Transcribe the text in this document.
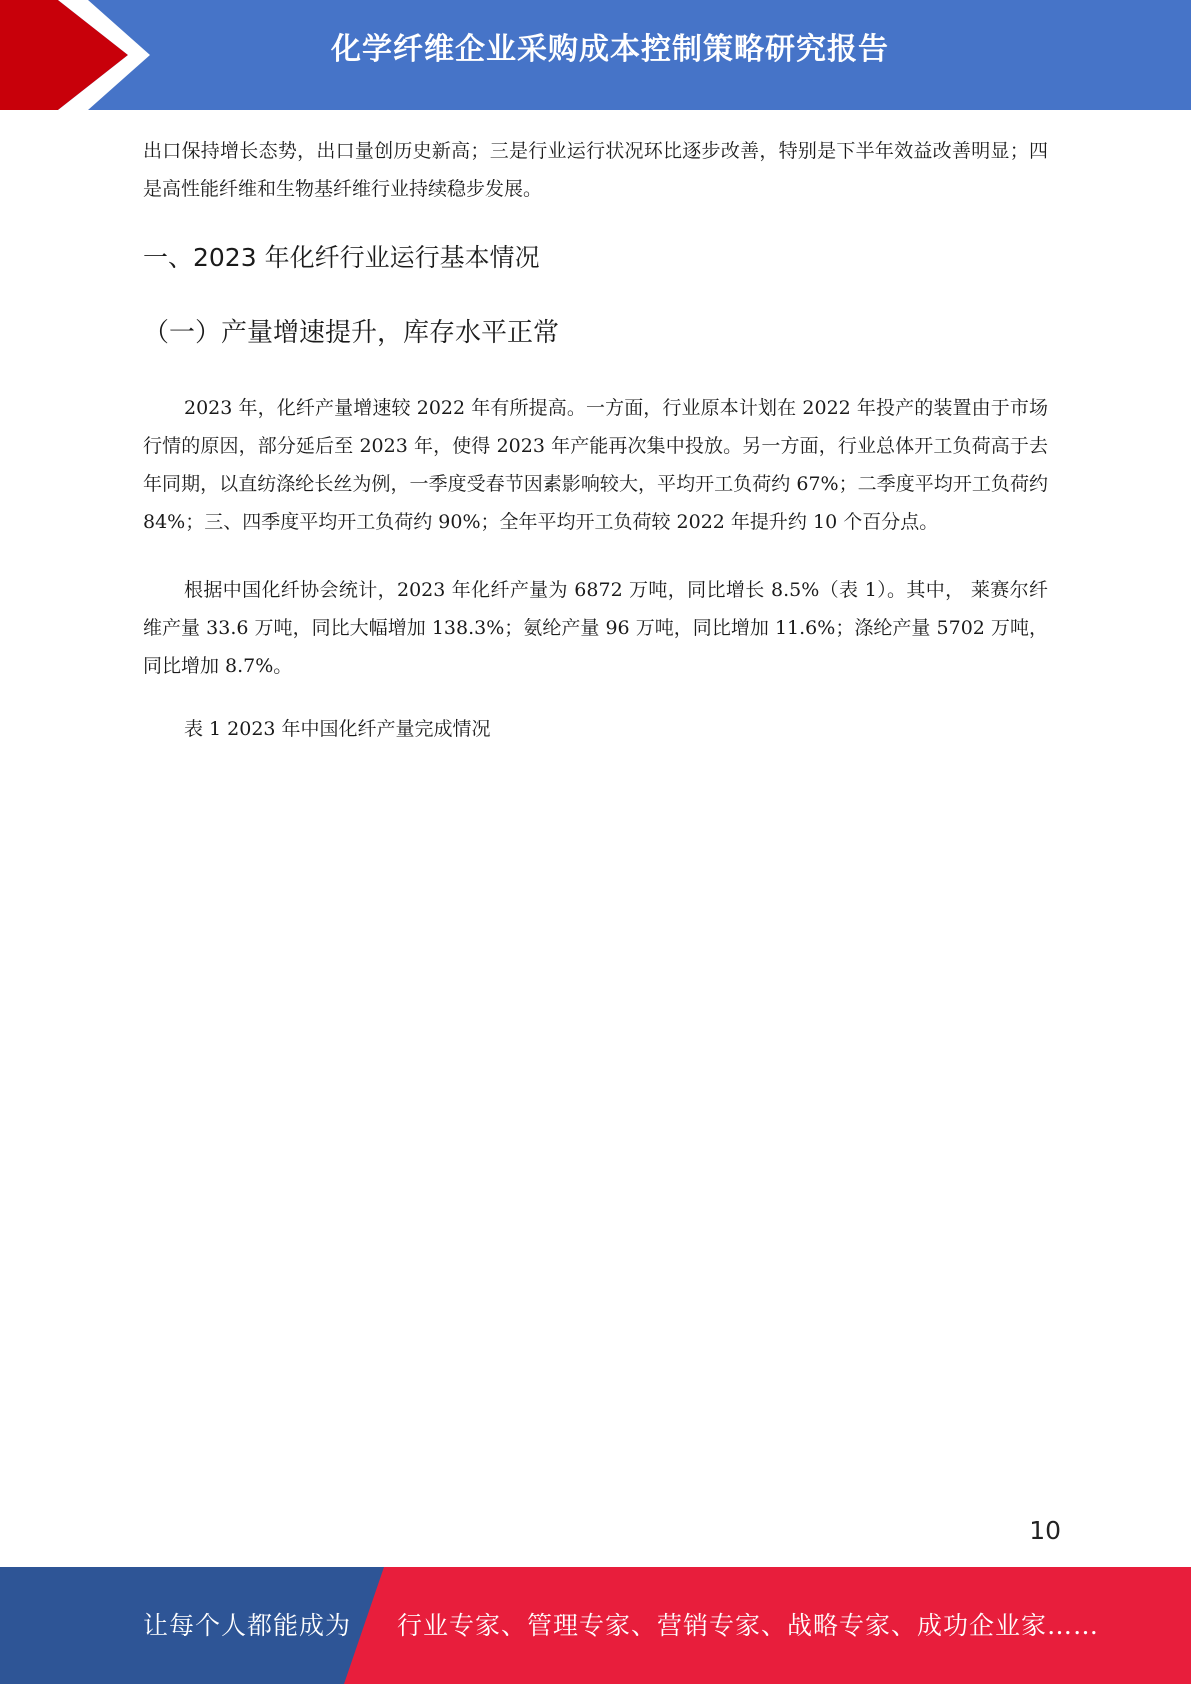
化学纤维企业采购成本控制策略研究报告

出口保持增长态势，出口量创历史新高；三是行业运行状况环比逐步改善，特别是下半年效益改善明显；四是高性能纤维和生物基纤维行业持续稳步发展。

一、2023 年化纤行业运行基本情况
（一）产量增速提升，库存水平正常

2023 年，化纤产量增速较 2022 年有所提高。一方面，行业原本计划在 2022 年投产的装置由于市场行情的原因，部分延后至 2023 年，使得 2023 年产能再次集中投放。另一方面，行业总体开工负荷高于去年同期，以直纺涤纶长丝为例，一季度受春节因素影响较大，平均开工负荷约 67%；二季度平均开工负荷约 84%；三、四季度平均开工负荷约 90%；全年平均开工负荷较 2022 年提升约 10 个百分点。

根据中国化纤协会统计，2023 年化纤产量为 6872 万吨，同比增长 8.5%（表 1）。其中， 莱赛尔纤维产量 33.6 万吨，同比大幅增加 138.3%；氨纶产量 96 万吨，同比增加 11.6%；涤纶产量 5702 万吨，同比增加 8.7%。

表 1 2023 年中国化纤产量完成情况

10
让每个人都能成为 行业专家、管理专家、营销专家、战略专家、成功企业家……
